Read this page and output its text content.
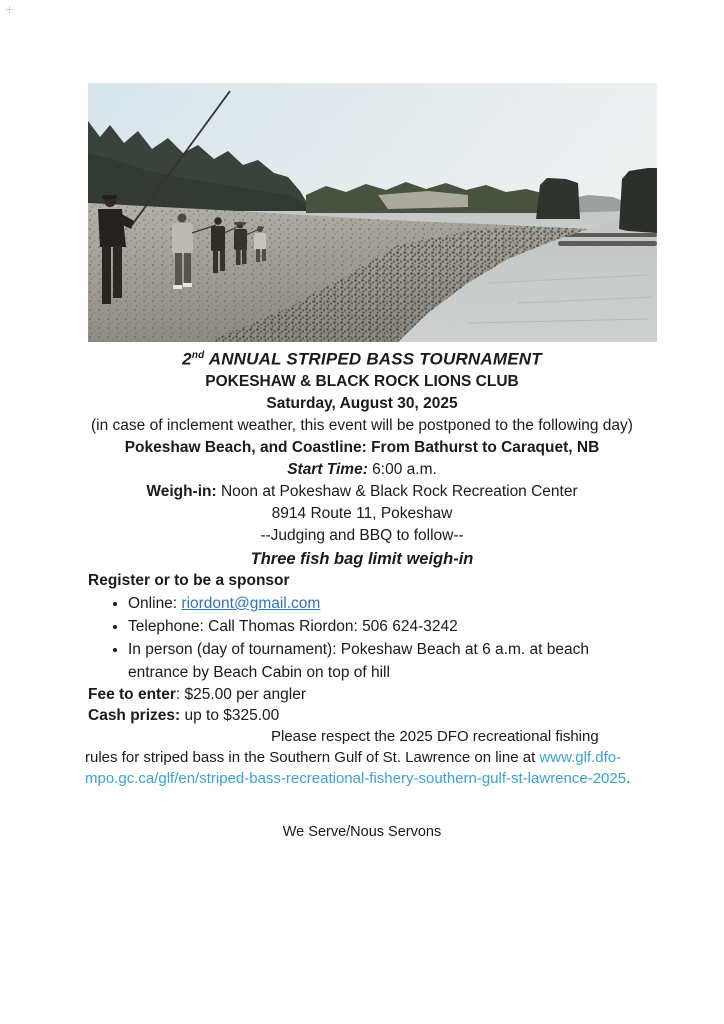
2nd ANNUAL STRIPED BASS TOURNAMENT
POKESHAW & BLACK ROCK LIONS CLUB
Saturday, August 30, 2025
(in case of inclement weather, this event will be postponed to the following day)
Pokeshaw Beach, and Coastline: From Bathurst to Caraquet, NB
Start Time: 6:00 a.m.
Weigh-in: Noon at Pokeshaw & Black Rock Recreation Center
8914 Route 11, Pokeshaw
--Judging and BBQ to follow--
Three fish bag limit weigh-in
Register or to be a sponsor
• Online: riordont@gmail.com
• Telephone: Call Thomas Riordon: 506 624-3242
• In person (day of tournament): Pokeshaw Beach at 6 a.m. at beach
entrance by Beach Cabin on top of hill
Fee to enter: $25.00 per angler
Cash prizes: up to $325.00
Please respect the 2025 DFO recreational fishing
rules for striped bass in the Southern Gulf of St. Lawrence on line at www.glf.dfo-
mpo.gc.ca/glf/en/striped-bass-recreational-fishery-southern-gulf-st-lawrence-2025.
We Serve/Nous Servons
